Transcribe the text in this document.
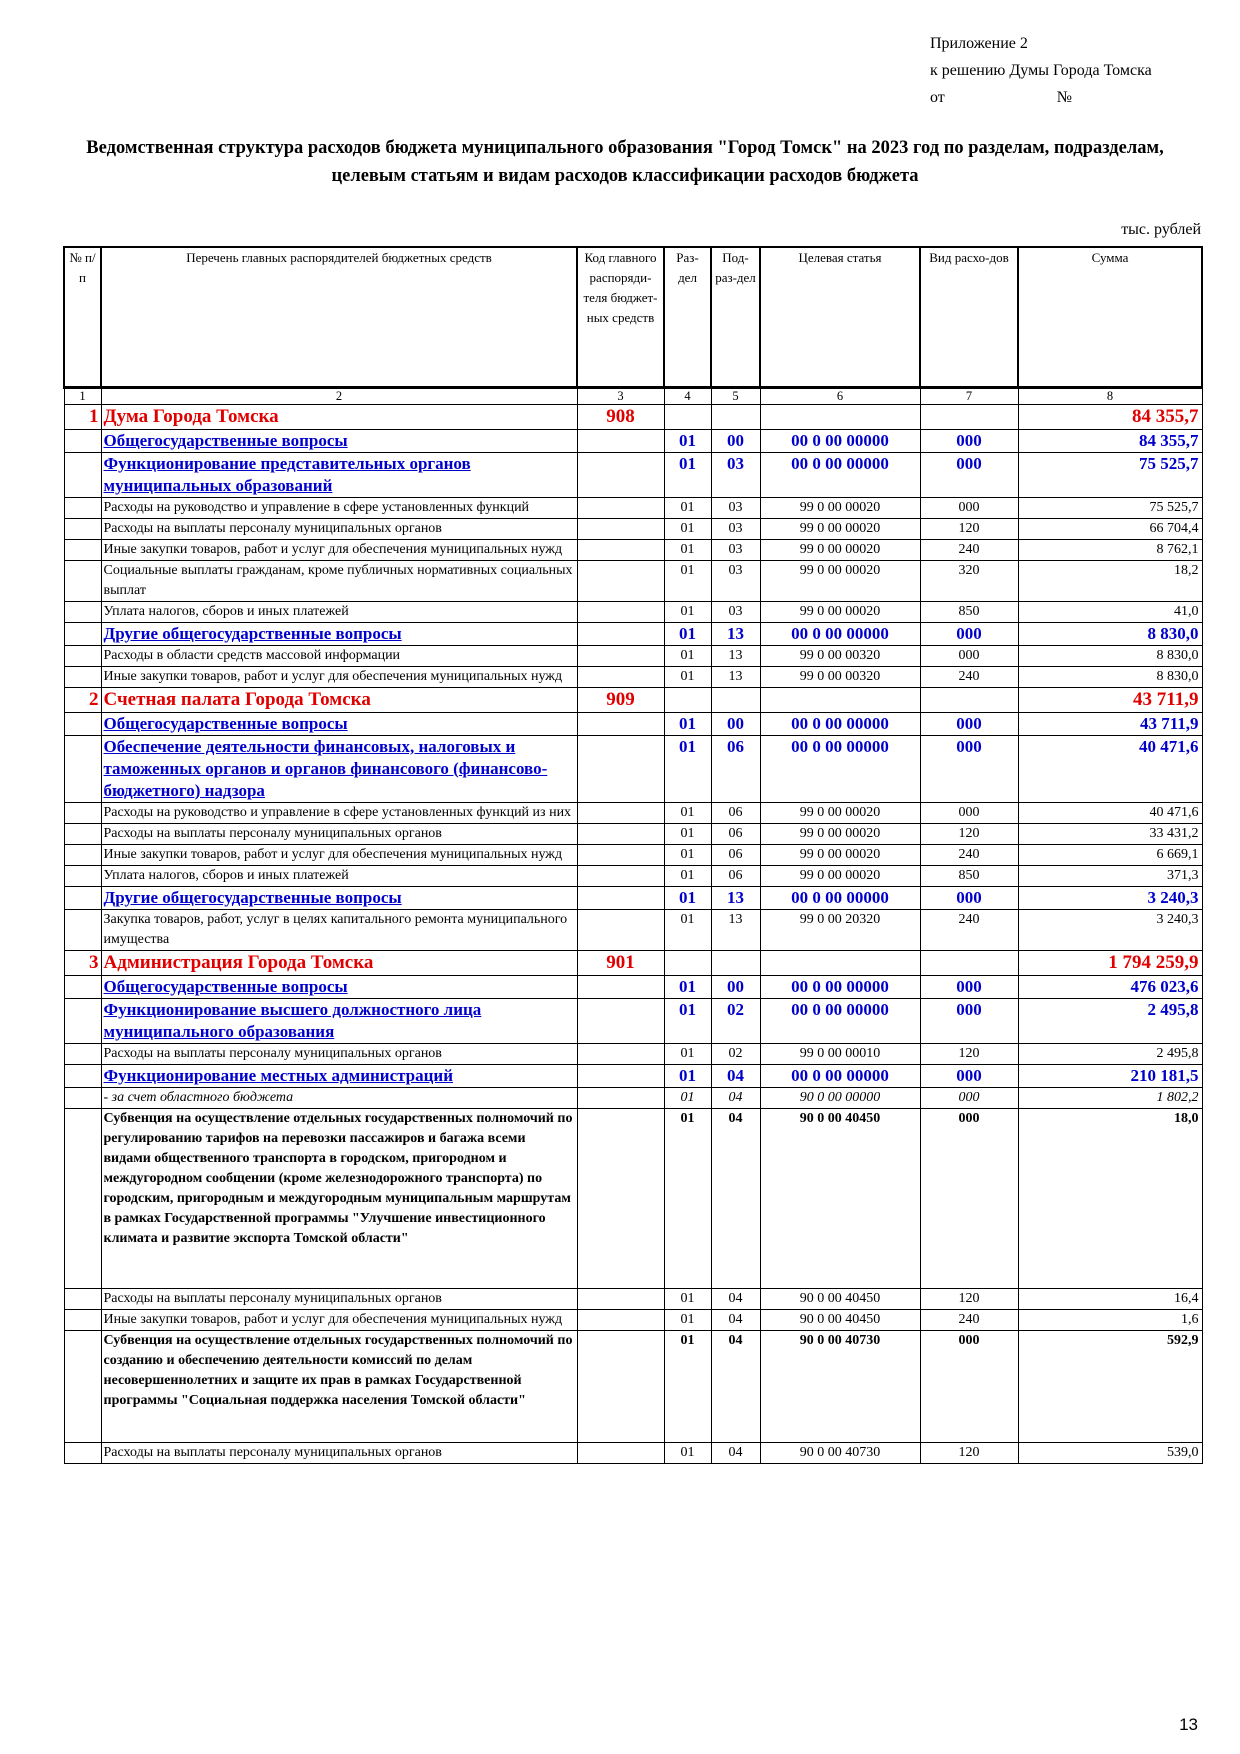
Приложение 2
к решению Думы Города Томска
от	№
Ведомственная структура расходов бюджета муниципального образования "Город Томск" на 2023 год по разделам, подразделам, целевым статьям и видам расходов классификации расходов бюджета
тыс. рублей
№ п/п	Перечень главных распорядителей бюджетных средств	Код главного распоряди-теля бюджет-ных средств	Раз-дел	Под-раз-дел	Целевая статья	Вид расхо-дов	Сумма
1	2	3	4	5	6	7	8
1	Дума Города Томска	908					84 355,7
	Общегосударственные вопросы		01	00	00 0 00 00000	000	84 355,7
	Функционирование представительных органов муниципальных образований		01	03	00 0 00 00000	000	75 525,7
	Расходы на руководство и управление в сфере установленных функций		01	03	99 0 00 00020	000	75 525,7
	Расходы на выплаты персоналу муниципальных органов		01	03	99 0 00 00020	120	66 704,4
	Иные закупки товаров, работ и услуг для обеспечения муниципальных нужд		01	03	99 0 00 00020	240	8 762,1
	Социальные выплаты гражданам, кроме публичных нормативных социальных выплат		01	03	99 0 00 00020	320	18,2
	Уплата налогов, сборов и иных платежей		01	03	99 0 00 00020	850	41,0
	Другие общегосударственные вопросы		01	13	00 0 00 00000	000	8 830,0
	Расходы в области средств массовой информации		01	13	99 0 00 00320	000	8 830,0
	Иные закупки товаров, работ и услуг для обеспечения муниципальных нужд		01	13	99 0 00 00320	240	8 830,0
2	Счетная палата Города Томска	909					43 711,9
	Общегосударственные вопросы		01	00	00 0 00 00000	000	43 711,9
	Обеспечение деятельности финансовых, налоговых и таможенных органов и органов финансового (финансово-бюджетного) надзора		01	06	00 0 00 00000	000	40 471,6
	Расходы на руководство и управление в сфере установленных функций из них		01	06	99 0 00 00020	000	40 471,6
	Расходы на выплаты персоналу муниципальных органов		01	06	99 0 00 00020	120	33 431,2
	Иные закупки товаров, работ и услуг для обеспечения муниципальных нужд		01	06	99 0 00 00020	240	6 669,1
	Уплата налогов, сборов и иных платежей		01	06	99 0 00 00020	850	371,3
	Другие общегосударственные вопросы		01	13	00 0 00 00000	000	3 240,3
	Закупка товаров, работ, услуг в целях капитального ремонта муниципального имущества		01	13	99 0 00 20320	240	3 240,3
3	Администрация Города Томска	901					1 794 259,9
	Общегосударственные вопросы		01	00	00 0 00 00000	000	476 023,6
	Функционирование высшего должностного лица муниципального образования		01	02	00 0 00 00000	000	2 495,8
	Расходы на выплаты персоналу муниципальных органов		01	02	99 0 00 00010	120	2 495,8
	Функционирование местных администраций		01	04	00 0 00 00000	000	210 181,5
	- за счет областного бюджета		01	04	90 0 00 00000	000	1 802,2
	Субвенция на осуществление отдельных государственных полномочий по регулированию тарифов на перевозки пассажиров и багажа всеми видами общественного транспорта в городском, пригородном и междугородном сообщении (кроме железнодорожного транспорта) по городским, пригородным и междугородным муниципальным маршрутам в рамках Государственной программы "Улучшение инвестиционного климата и развитие экспорта Томской области"		01	04	90 0 00 40450	000	18,0
	Расходы на выплаты персоналу муниципальных органов		01	04	90 0 00 40450	120	16,4
	Иные закупки товаров, работ и услуг для обеспечения муниципальных нужд		01	04	90 0 00 40450	240	1,6
	Субвенция на осуществление отдельных государственных полномочий по созданию и обеспечению деятельности комиссий по делам несовершеннолетних и защите их прав в рамках Государственной программы "Социальная поддержка населения Томской области"		01	04	90 0 00 40730	000	592,9
	Расходы на выплаты персоналу муниципальных органов		01	04	90 0 00 40730	120	539,0
13
